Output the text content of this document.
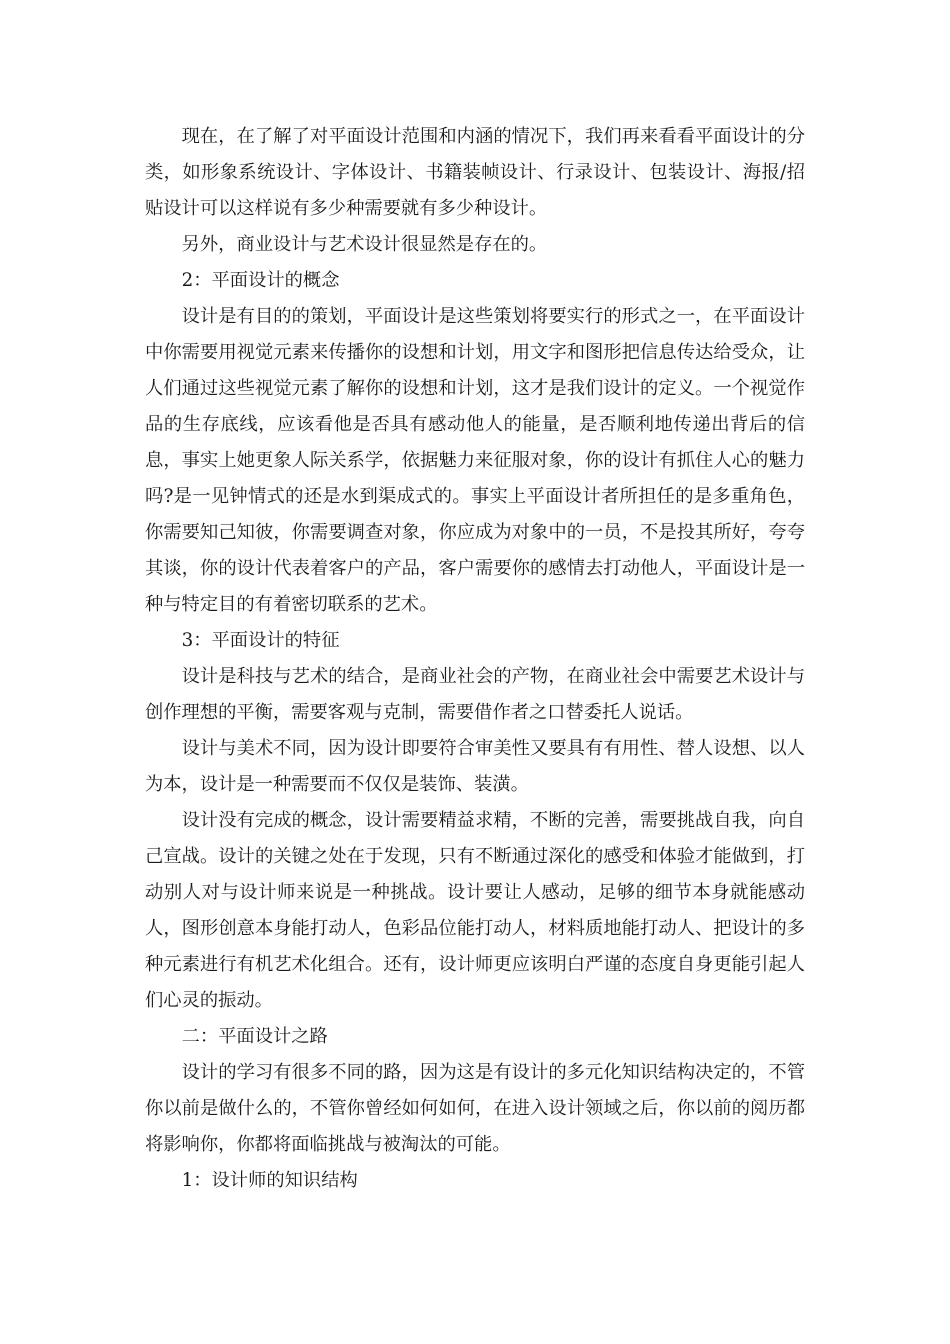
现在，在了解了对平面设计范围和内涵的情况下，我们再来看看平面设计的分类，如形象系统设计、字体设计、书籍装帧设计、行录设计、包装设计、海报/招贴设计可以这样说有多少种需要就有多少种设计。

另外，商业设计与艺术设计很显然是存在的。

2：平面设计的概念

设计是有目的的策划，平面设计是这些策划将要实行的形式之一，在平面设计中你需要用视觉元素来传播你的设想和计划，用文字和图形把信息传达给受众，让人们通过这些视觉元素了解你的设想和计划，这才是我们设计的定义。一个视觉作品的生存底线，应该看他是否具有感动他人的能量，是否顺利地传递出背后的信息，事实上她更象人际关系学，依据魅力来征服对象，你的设计有抓住人心的魅力吗?是一见钟情式的还是水到渠成式的。事实上平面设计者所担任的是多重角色，你需要知己知彼，你需要调查对象，你应成为对象中的一员，不是投其所好，夸夸其谈，你的设计代表着客户的产品，客户需要你的感情去打动他人，平面设计是一种与特定目的有着密切联系的艺术。

3：平面设计的特征

设计是科技与艺术的结合，是商业社会的产物，在商业社会中需要艺术设计与创作理想的平衡，需要客观与克制，需要借作者之口替委托人说话。

设计与美术不同，因为设计即要符合审美性又要具有有用性、替人设想、以人为本，设计是一种需要而不仅仅是装饰、装潢。

设计没有完成的概念，设计需要精益求精，不断的完善，需要挑战自我，向自己宣战。设计的关键之处在于发现，只有不断通过深化的感受和体验才能做到，打动别人对与设计师来说是一种挑战。设计要让人感动，足够的细节本身就能感动人，图形创意本身能打动人，色彩品位能打动人，材料质地能打动人、把设计的多种元素进行有机艺术化组合。还有，设计师更应该明白严谨的态度自身更能引起人们心灵的振动。

二：平面设计之路

设计的学习有很多不同的路，因为这是有设计的多元化知识结构决定的，不管你以前是做什么的，不管你曾经如何如何，在进入设计领域之后，你以前的阅历都将影响你，你都将面临挑战与被淘汰的可能。

1：设计师的知识结构
